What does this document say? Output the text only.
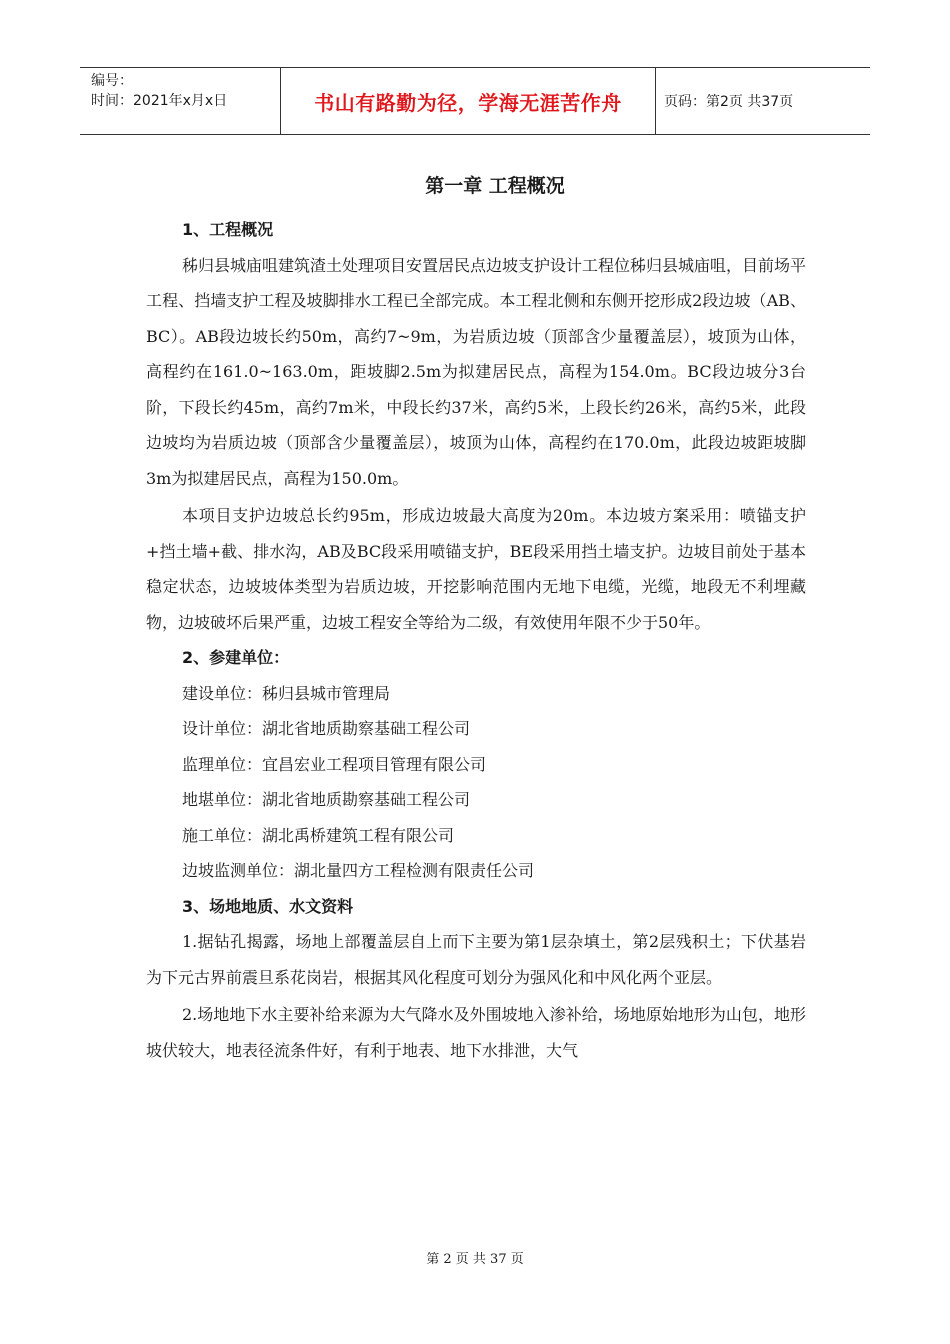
编号：
时间：2021年x月x日	书山有路勤为径，学海无涯苦作舟	页码：第2页 共37页
第一章 工程概况
1、工程概况

秭归县城庙咀建筑渣土处理项目安置居民点边坡支护设计工程位秭归县城庙咀，目前场平工程、挡墙支护工程及坡脚排水工程已全部完成。本工程北侧和东侧开挖形成2段边坡（AB、BC）。AB段边坡长约50m，高约7~9m，为岩质边坡（顶部含少量覆盖层），坡顶为山体，高程约在161.0~163.0m，距坡脚2.5m为拟建居民点，高程为154.0m。BC段边坡分3台阶，下段长约45m，高约7m米，中段长约37米，高约5米，上段长约26米，高约5米，此段边坡均为岩质边坡（顶部含少量覆盖层），坡顶为山体，高程约在170.0m，此段边坡距坡脚3m为拟建居民点，高程为150.0m。

本项目支护边坡总长约95m，形成边坡最大高度为20m。本边坡方案采用：喷锚支护+挡土墙+截、排水沟，AB及BC段采用喷锚支护，BE段采用挡土墙支护。边坡目前处于基本稳定状态，边坡坡体类型为岩质边坡，开挖影响范围内无地下电缆，光缆，地段无不利埋藏物，边坡破坏后果严重，边坡工程安全等给为二级，有效使用年限不少于50年。

2、参建单位：
建设单位：秭归县城市管理局
设计单位：湖北省地质勘察基础工程公司
监理单位：宜昌宏业工程项目管理有限公司
地堪单位：湖北省地质勘察基础工程公司
施工单位：湖北禹桥建筑工程有限公司
边坡监测单位：湖北量四方工程检测有限责任公司
3、场地地质、水文资料

1.据钻孔揭露，场地上部覆盖层自上而下主要为第1层杂填土，第2层残积土；下伏基岩为下元古界前震旦系花岗岩，根据其风化程度可划分为强风化和中风化两个亚层。

2.场地地下水主要补给来源为大气降水及外围坡地入渗补给，场地原始地形为山包，地形坡伏较大，地表径流条件好，有利于地表、地下水排泄，大气

第 2 页 共 37 页
